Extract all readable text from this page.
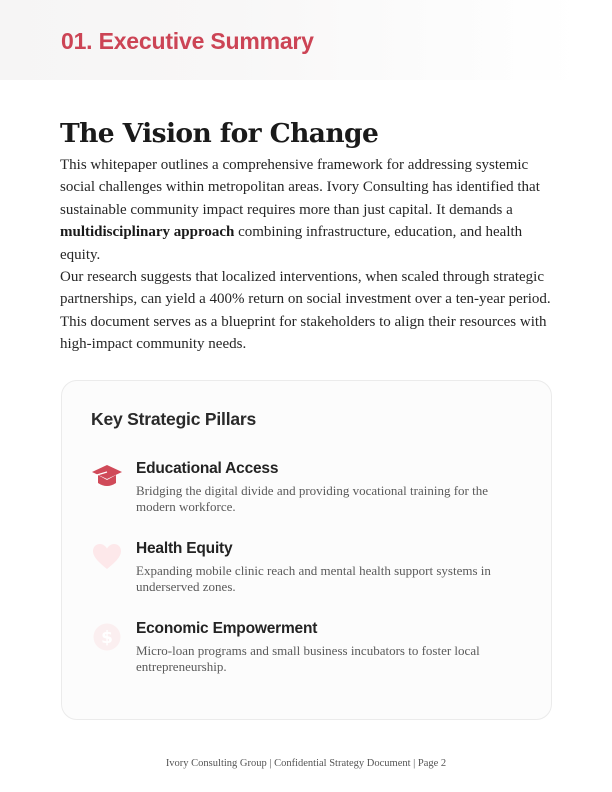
01. Executive Summary
The Vision for Change

This whitepaper outlines a comprehensive framework for addressing systemic social challenges within metropolitan areas. Ivory Consulting has identified that sustainable community impact requires more than just capital. It demands a multidisciplinary approach combining infrastructure, education, and health equity.

Our research suggests that localized interventions, when scaled through strategic partnerships, can yield a 400% return on social investment over a ten-year period. This document serves as a blueprint for stakeholders to align their resources with high-impact community needs.

Key Strategic Pillars
Educational Access
Bridging the digital divide and providing vocational training for the modern workforce.
Health Equity
Expanding mobile clinic reach and mental health support systems in underserved zones.
$ Economic Empowerment
Micro-loan programs and small business incubators to foster local entrepreneurship.
Ivory Consulting Group | Confidential Strategy Document | Page 2
